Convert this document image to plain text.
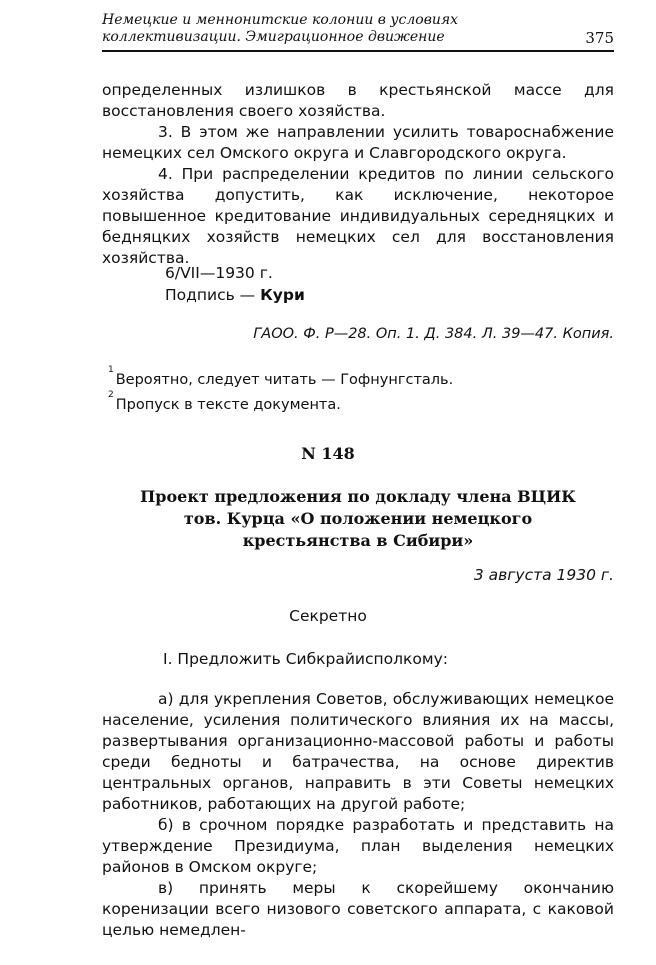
Немецкие и меннонитские колонии в условиях
коллективизации. Эмиграционное движение	375

определенных излишков в крестьянской массе для восстановления своего хозяйства.

3. В этом же направлении усилить товароснабжение немецких сел Омского округа и Славгородского округа.

4. При распределении кредитов по линии сельского хозяйства допустить, как исключение, некоторое повышенное кредитование индивидуальных середняцких и бедняцких хозяйств немецких сел для восстановления хозяйства.

6/VII—1930 г.
Подпись — Кури
ГАОО. Ф. Р—28. Оп. 1. Д. 384. Л. 39—47. Копия.
$^1$Вероятно, следует читать — Гофнунгсталь.
$^2$Пропуск в тексте документа.
N 148
Проект предложения по докладу члена ВЦИК
тов. Курца «О положении немецкого
крестьянства в Сибири»
3 августа 1930 г.
Секретно
I. Предложить Сибкрайисполкому:

а) для укрепления Советов, обслуживающих немецкое население, усиления политического влияния их на массы, развертывания организационно-массовой работы и работы среди бедноты и батрачества, на основе директив центральных органов, направить в эти Советы немецких работников, работающих на другой работе;

б) в срочном порядке разработать и представить на утверждение Президиума, план выделения немецких районов в Омском округе;

в) принять меры к скорейшему окончанию коренизации всего низового советского аппарата, с каковой целью немедлен-
